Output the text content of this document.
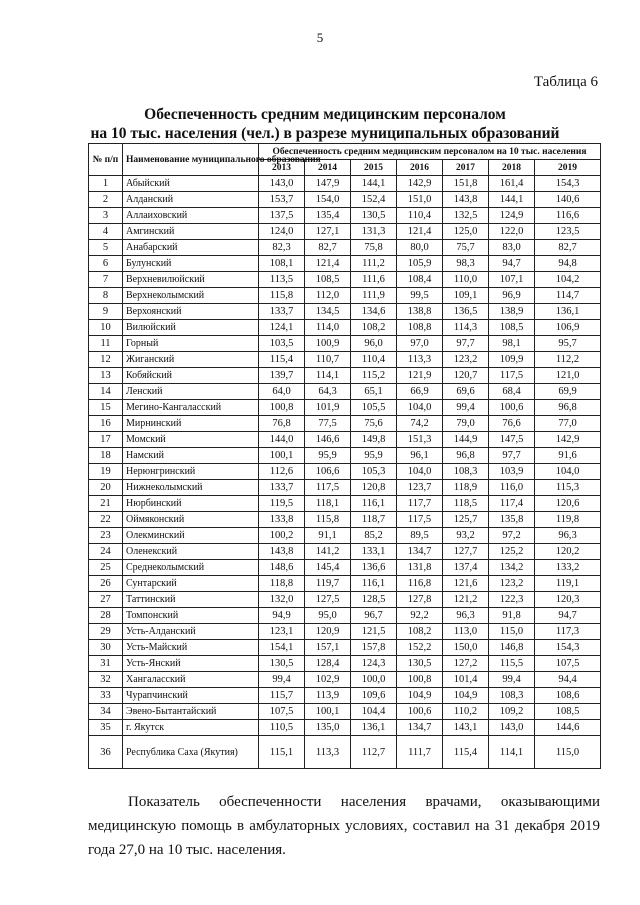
5
Таблица 6
Обеспеченность средним медицинским персоналом
на 10 тыс. населения (чел.) в разрезе муниципальных образований
№ п/п	Наименование муниципального образования	Обеспеченность средним медицинским персоналом на 10 тыс. населения						
		2013	2014	2015	2016	2017	2018	2019
1	Абыйский	143,0	147,9	144,1	142,9	151,8	161,4	154,3
2	Алданский	153,7	154,0	152,4	151,0	143,8	144,1	140,6
3	Аллаиховский	137,5	135,4	130,5	110,4	132,5	124,9	116,6
4	Амгинский	124,0	127,1	131,3	121,4	125,0	122,0	123,5
5	Анабарский	82,3	82,7	75,8	80,0	75,7	83,0	82,7
6	Булунский	108,1	121,4	111,2	105,9	98,3	94,7	94,8
7	Верхневилюйский	113,5	108,5	111,6	108,4	110,0	107,1	104,2
8	Верхнеколымский	115,8	112,0	111,9	99,5	109,1	96,9	114,7
9	Верхоянский	133,7	134,5	134,6	138,8	136,5	138,9	136,1
10	Вилюйский	124,1	114,0	108,2	108,8	114,3	108,5	106,9
11	Горный	103,5	100,9	96,0	97,0	97,7	98,1	95,7
12	Жиганский	115,4	110,7	110,4	113,3	123,2	109,9	112,2
13	Кобяйский	139,7	114,1	115,2	121,9	120,7	117,5	121,0
14	Ленский	64,0	64,3	65,1	66,9	69,6	68,4	69,9
15	Мегино-Кангаласский	100,8	101,9	105,5	104,0	99,4	100,6	96,8
16	Мирнинский	76,8	77,5	75,6	74,2	79,0	76,6	77,0
17	Момский	144,0	146,6	149,8	151,3	144,9	147,5	142,9
18	Намский	100,1	95,9	95,9	96,1	96,8	97,7	91,6
19	Нерюнгринский	112,6	106,6	105,3	104,0	108,3	103,9	104,0
20	Нижнеколымский	133,7	117,5	120,8	123,7	118,9	116,0	115,3
21	Нюрбинский	119,5	118,1	116,1	117,7	118,5	117,4	120,6
22	Оймяконский	133,8	115,8	118,7	117,5	125,7	135,8	119,8
23	Олекминский	100,2	91,1	85,2	89,5	93,2	97,2	96,3
24	Оленекский	143,8	141,2	133,1	134,7	127,7	125,2	120,2
25	Среднеколымский	148,6	145,4	136,6	131,8	137,4	134,2	133,2
26	Сунтарский	118,8	119,7	116,1	116,8	121,6	123,2	119,1
27	Таттинский	132,0	127,5	128,5	127,8	121,2	122,3	120,3
28	Томпонский	94,9	95,0	96,7	92,2	96,3	91,8	94,7
29	Усть-Алданский	123,1	120,9	121,5	108,2	113,0	115,0	117,3
30	Усть-Майский	154,1	157,1	157,8	152,2	150,0	146,8	154,3
31	Усть-Янский	130,5	128,4	124,3	130,5	127,2	115,5	107,5
32	Хангаласский	99,4	102,9	100,0	100,8	101,4	99,4	94,4
33	Чурапчинский	115,7	113,9	109,6	104,9	104,9	108,3	108,6
34	Эвено-Бытантайский	107,5	100,1	104,4	100,6	110,2	109,2	108,5
35	г. Якутск	110,5	135,0	136,1	134,7	143,1	143,0	144,6
36	Республика Саха (Якутия)	115,1	113,3	112,7	111,7	115,4	114,1	115,0
Показатель обеспеченности населения врачами, оказывающими медицинскую помощь в амбулаторных условиях, составил на 31 декабря 2019 года 27,0 на 10 тыс. населения.
